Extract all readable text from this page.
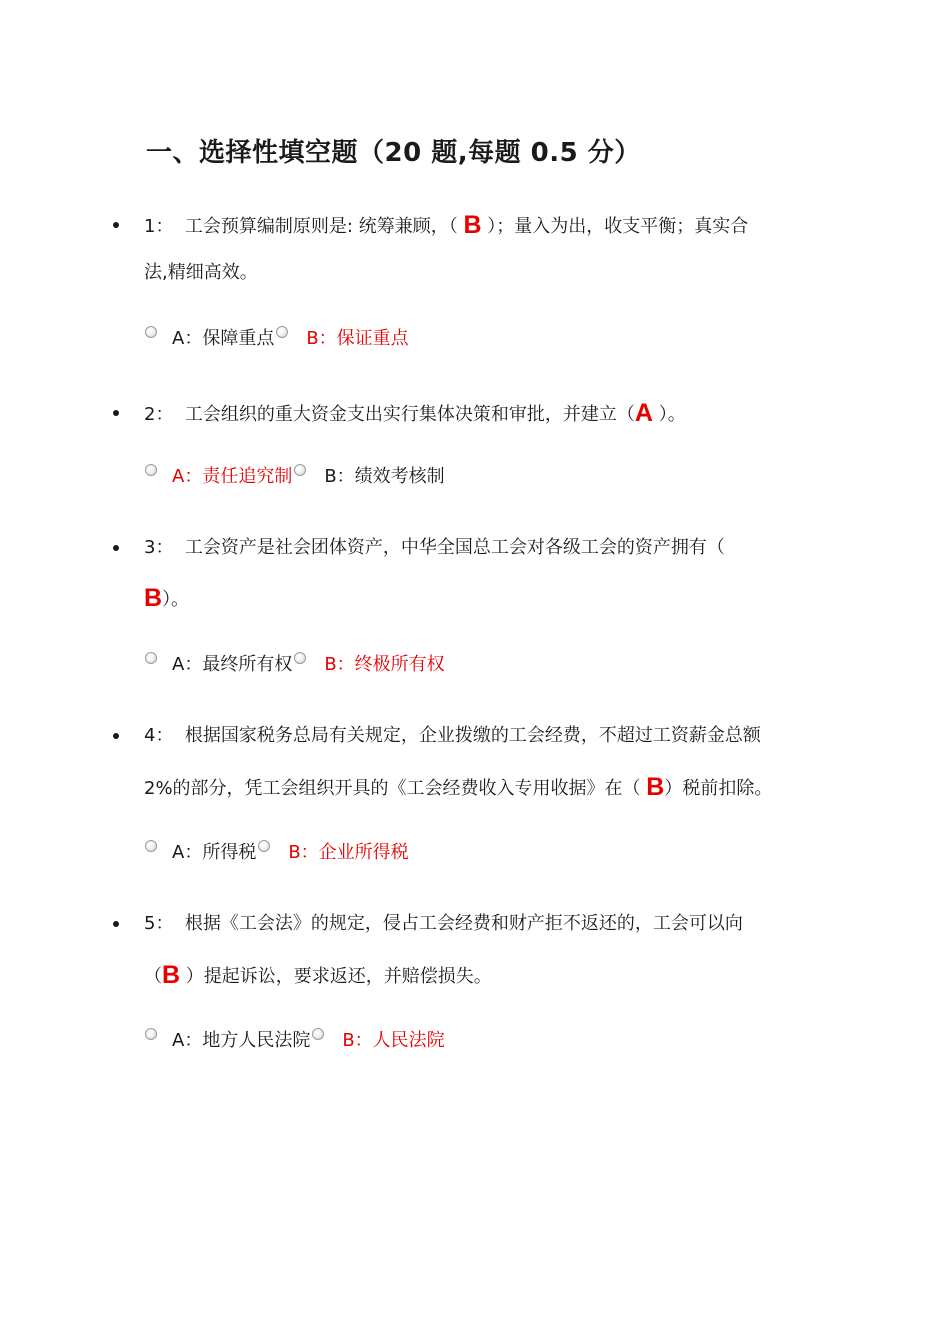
一、选择性填空题（20 题,每题 0.5 分）
1： 工会预算编制原则是: 统筹兼顾，（ B ）；量入为出，收支平衡；真实合
法,精细高效。
A：保障重点 B：保证重点
2： 工会组织的重大资金支出实行集体决策和审批，并建立（A ）。
A：责任追究制 B：绩效考核制
3： 工会资产是社会团体资产，中华全国总工会对各级工会的资产拥有（
B）。
A：最终所有权 B：终极所有权
4： 根据国家税务总局有关规定，企业拨缴的工会经费，不超过工资薪金总额
2%的部分，凭工会组织开具的《工会经费收入专用收据》在（ B）税前扣除。
A：所得税 B：企业所得税
5： 根据《工会法》的规定，侵占工会经费和财产拒不返还的，工会可以向
（B ）提起诉讼，要求返还，并赔偿损失。
A：地方人民法院 B：人民法院
